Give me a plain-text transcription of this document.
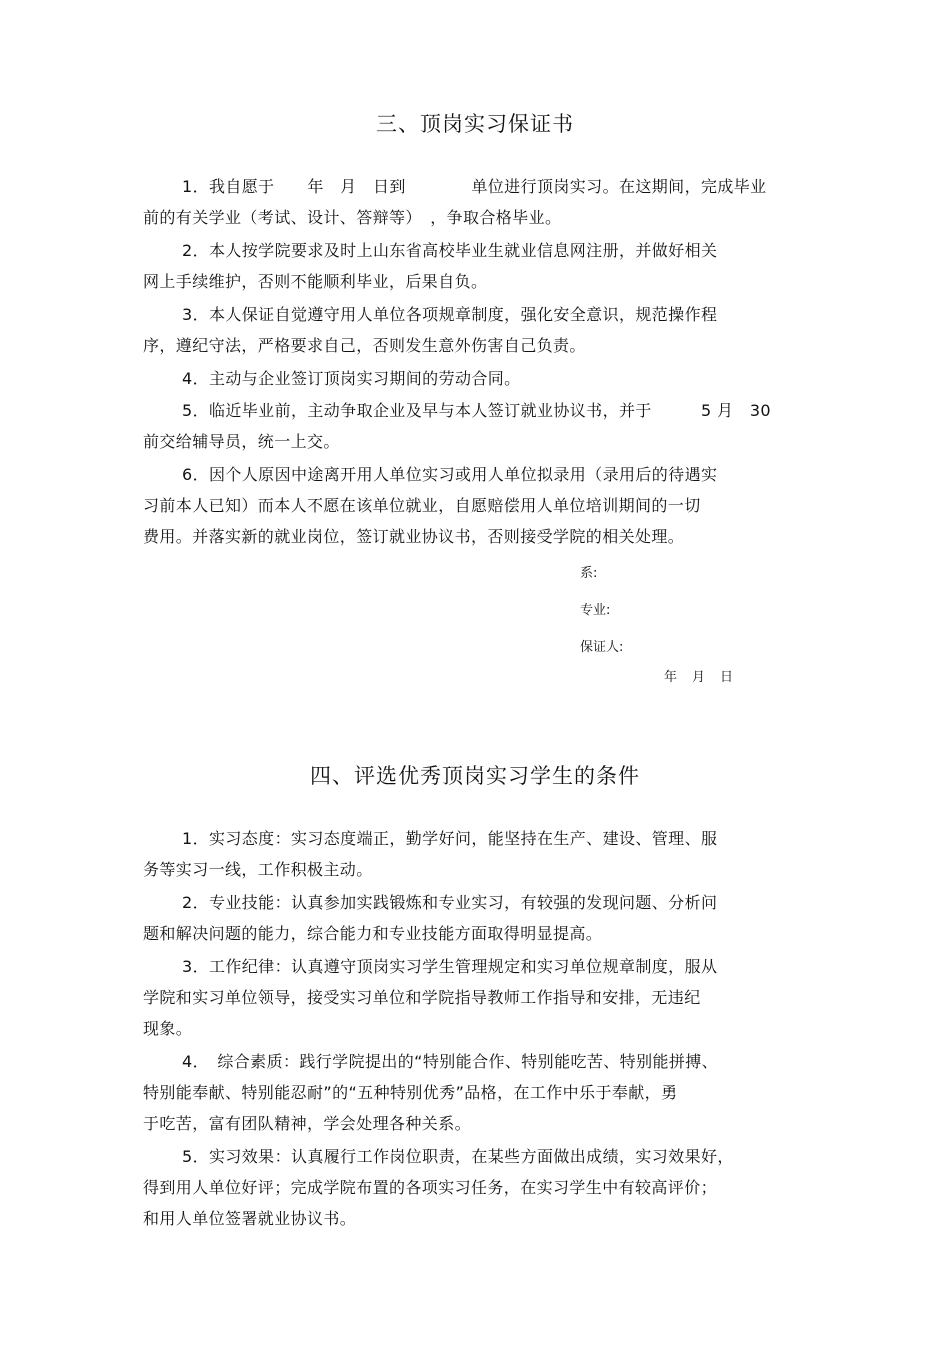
三、顶岗实习保证书
1．我自愿于　　年　月　日到　　　　单位进行顶岗实习。在这期间，完成毕业
前的有关学业（考试、设计、答辩等）　，争取合格毕业。
2．本人按学院要求及时上山东省高校毕业生就业信息网注册，并做好相关
网上手续维护，否则不能顺利毕业，后果自负。
3．本人保证自觉遵守用人单位各项规章制度，强化安全意识，规范操作程
序，遵纪守法，严格要求自己，否则发生意外伤害自己负责。
4．主动与企业签订顶岗实习期间的劳动合同。
5．临近毕业前，主动争取企业及早与本人签订就业协议书，并于　　　5 月　30
前交给辅导员，统一上交。
6．因个人原因中途离开用人单位实习或用人单位拟录用（录用后的待遇实
习前本人已知）而本人不愿在该单位就业，自愿赔偿用人单位培训期间的一切
费用。并落实新的就业岗位，签订就业协议书，否则接受学院的相关处理。
系:
专业:
保证人:
年　月　日
四、评选优秀顶岗实习学生的条件
1．实习态度：实习态度端正，勤学好问，能坚持在生产、建设、管理、服
务等实习一线，工作积极主动。
2．专业技能：认真参加实践锻炼和专业实习，有较强的发现问题、分析问
题和解决问题的能力，综合能力和专业技能方面取得明显提高。
3．工作纪律：认真遵守顶岗实习学生管理规定和实习单位规章制度，服从
学院和实习单位领导，接受实习单位和学院指导教师工作指导和安排，无违纪
现象。
4．　综合素质：践行学院提出的“特别能合作、特别能吃苦、特别能拼搏、
特别能奉献、特别能忍耐”的“五种特别优秀”品格，在工作中乐于奉献，勇
于吃苦，富有团队精神，学会处理各种关系。
5．实习效果：认真履行工作岗位职责，在某些方面做出成绩，实习效果好，
得到用人单位好评；完成学院布置的各项实习任务，在实习学生中有较高评价；
和用人单位签署就业协议书。
